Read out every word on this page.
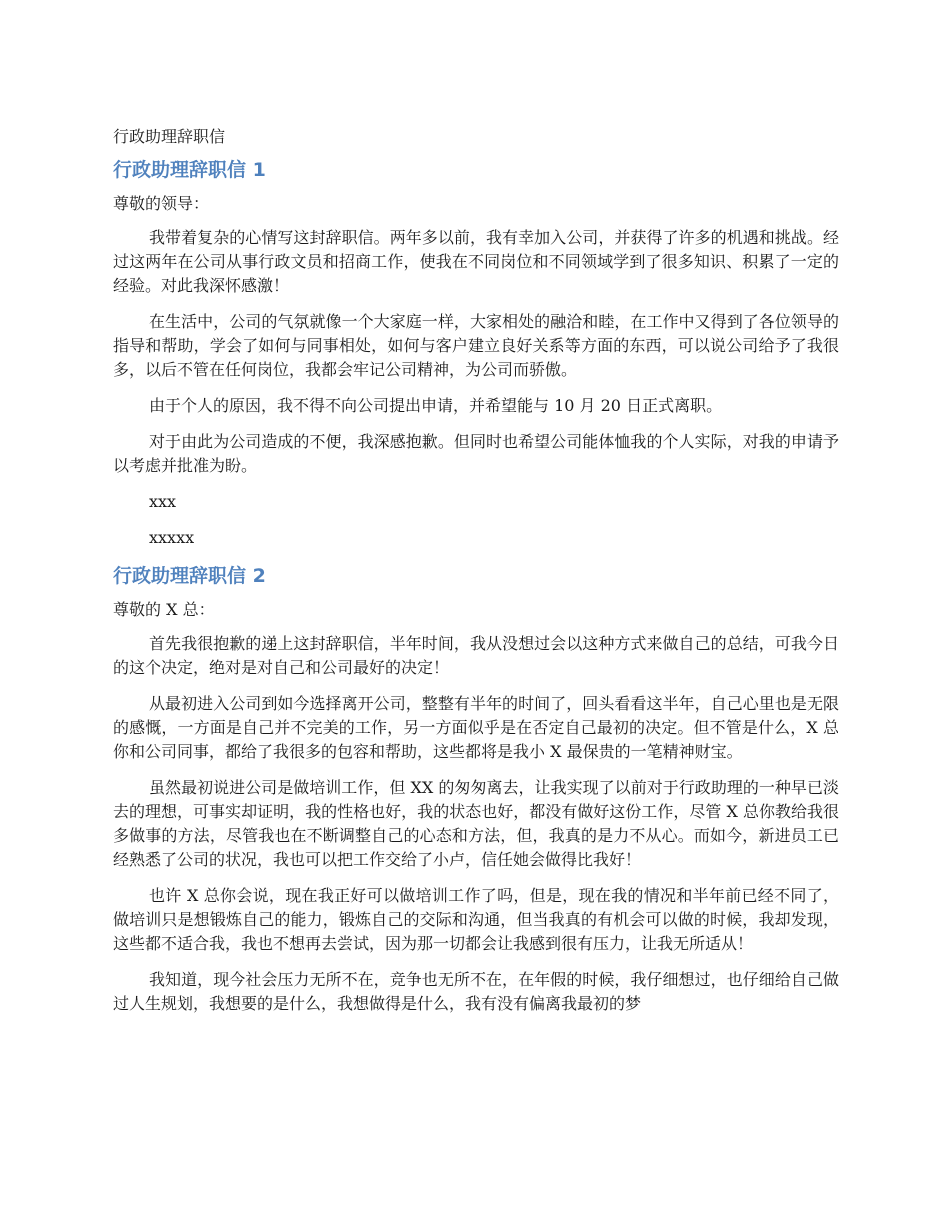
行政助理辞职信
行政助理辞职信 1
尊敬的领导：

我带着复杂的心情写这封辞职信。两年多以前，我有幸加入公司，并获得了许多的机遇和挑战。经过这两年在公司从事行政文员和招商工作，使我在不同岗位和不同领域学到了很多知识、积累了一定的经验。对此我深怀感激！

在生活中，公司的气氛就像一个大家庭一样，大家相处的融洽和睦，在工作中又得到了各位领导的指导和帮助，学会了如何与同事相处，如何与客户建立良好关系等方面的东西，可以说公司给予了我很多，以后不管在任何岗位，我都会牢记公司精神，为公司而骄傲。

由于个人的原因，我不得不向公司提出申请，并希望能与 10 月 20 日正式离职。

对于由此为公司造成的不便，我深感抱歉。但同时也希望公司能体恤我的个人实际，对我的申请予以考虑并批准为盼。

xxx

xxxxx

行政助理辞职信 2
尊敬的 X 总：

首先我很抱歉的递上这封辞职信，半年时间，我从没想过会以这种方式来做自己的总结，可我今日的这个决定，绝对是对自己和公司最好的决定！

从最初进入公司到如今选择离开公司，整整有半年的时间了，回头看看这半年，自己心里也是无限的感慨，一方面是自己并不完美的工作，另一方面似乎是在否定自己最初的决定。但不管是什么，X 总你和公司同事，都给了我很多的包容和帮助，这些都将是我小 X 最保贵的一笔精神财宝。

虽然最初说进公司是做培训工作，但 XX 的匆匆离去，让我实现了以前对于行政助理的一种早已淡去的理想，可事实却证明，我的性格也好，我的状态也好，都没有做好这份工作，尽管 X 总你教给我很多做事的方法，尽管我也在不断调整自己的心态和方法，但，我真的是力不从心。而如今，新进员工已经熟悉了公司的状况，我也可以把工作交给了小卢，信任她会做得比我好！

也许 X 总你会说，现在我正好可以做培训工作了吗，但是，现在我的情况和半年前已经不同了，做培训只是想锻炼自己的能力，锻炼自己的交际和沟通，但当我真的有机会可以做的时候，我却发现，这些都不适合我，我也不想再去尝试，因为那一切都会让我感到很有压力，让我无所适从！

我知道，现今社会压力无所不在，竞争也无所不在，在年假的时候，我仔细想过，也仔细给自己做过人生规划，我想要的是什么，我想做得是什么，我有没有偏离我最初的梦
